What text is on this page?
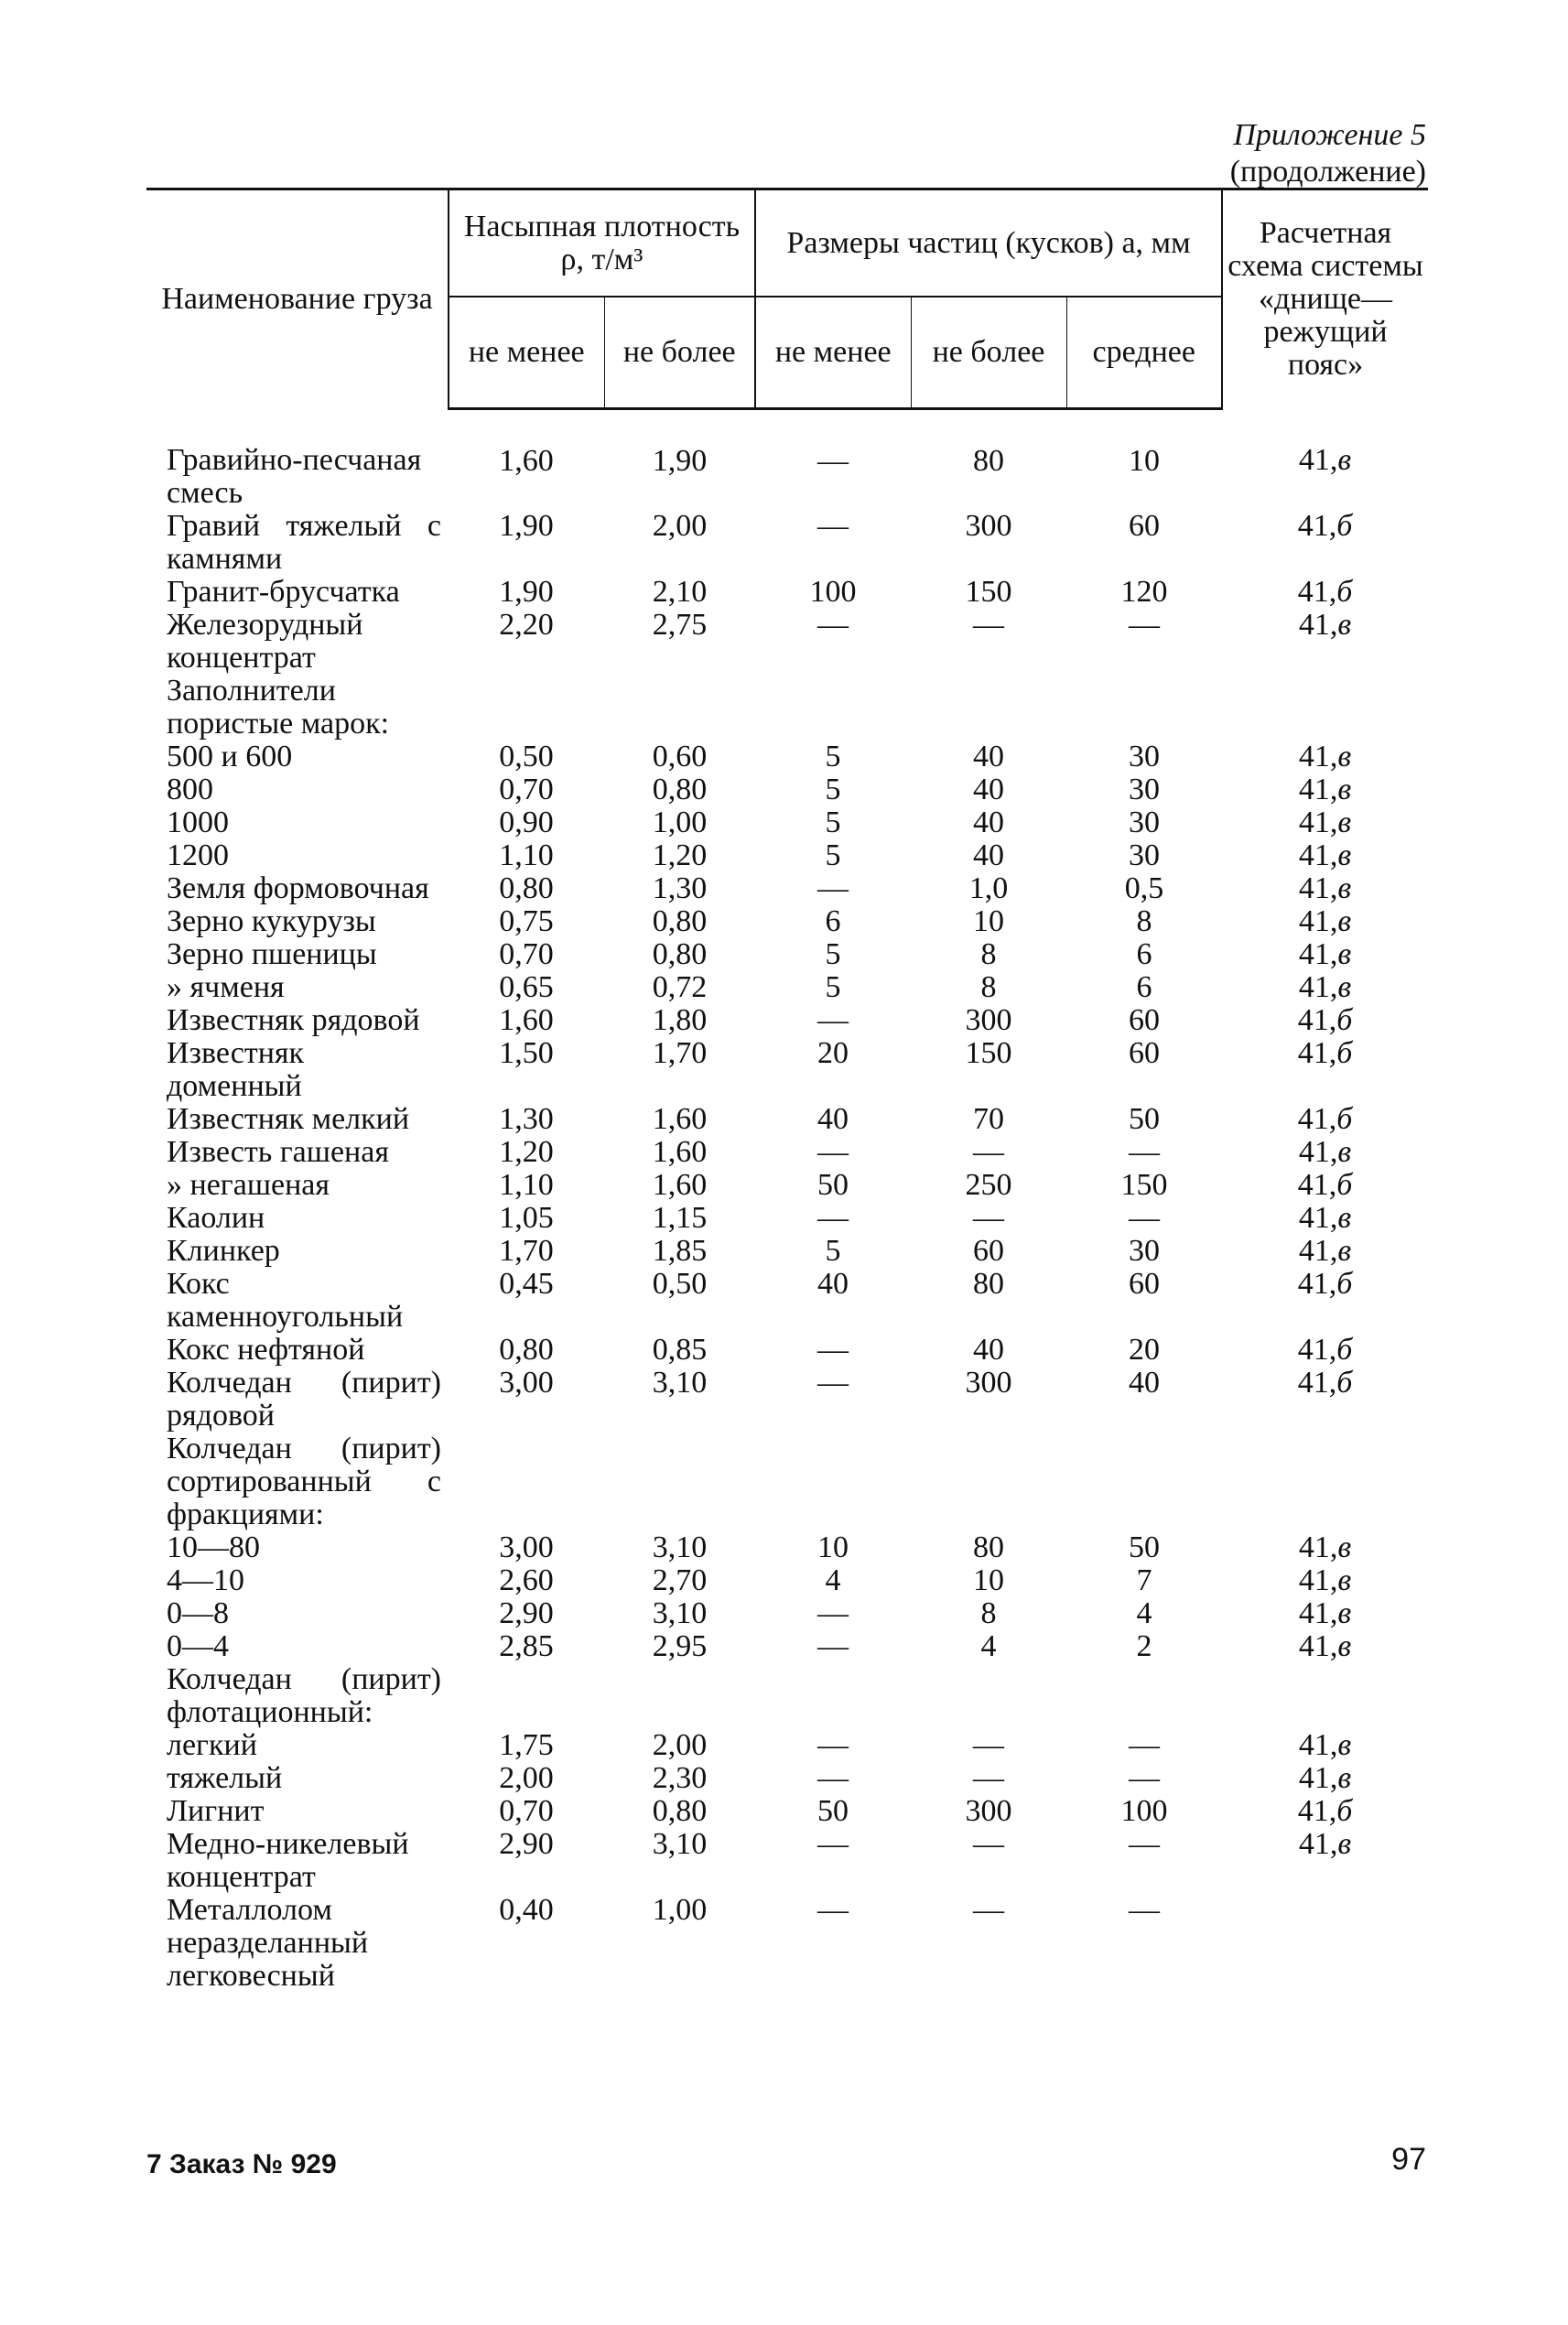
Приложение 5
(продолжение)
Наименование груза	Насыпная плотность ρ, т/м³		Размеры частиц (кусков) a, мм			Расчетная схема системы «днище—режущий пояс»
	не менее	не более	не менее	не более	среднее	
Гравийно-песчаная смесь	1,60	1,90	—	80	10	41,в
Гравий тяжелый с камнями	1,90	2,00	—	300	60	41,б
Гранит-брусчатка	1,90	2,10	100	150	120	41,б
Железорудный концентрат	2,20	2,75	—	—	—	41,в
Заполнители пористые марок:						
500 и 600	0,50	0,60	5	40	30	41,в
800	0,70	0,80	5	40	30	41,в
1000	0,90	1,00	5	40	30	41,в
1200	1,10	1,20	5	40	30	41,в
Земля формовочная	0,80	1,30	—	1,0	0,5	41,в
Зерно кукурузы	0,75	0,80	6	10	8	41,в
Зерно пшеницы	0,70	0,80	5	8	6	41,в
» ячменя	0,65	0,72	5	8	6	41,в
Известняк рядовой	1,60	1,80	—	300	60	41,б
Известняк доменный	1,50	1,70	20	150	60	41,б
Известняк мелкий	1,30	1,60	40	70	50	41,б
Известь гашеная	1,20	1,60	—	—	—	41,в
» негашеная	1,10	1,60	50	250	150	41,б
Каолин	1,05	1,15	—	—	—	41,в
Клинкер	1,70	1,85	5	60	30	41,в
Кокс каменноугольный	0,45	0,50	40	80	60	41,б
Кокс нефтяной	0,80	0,85	—	40	20	41,б
Колчедан (пирит) рядовой	3,00	3,10	—	300	40	41,б
Колчедан (пирит) сортированный с фракциями:						
10—80	3,00	3,10	10	80	50	41,в
4—10	2,60	2,70	4	10	7	41,в
0—8	2,90	3,10	—	8	4	41,в
0—4	2,85	2,95	—	4	2	41,в
Колчедан (пирит) флотационный:						
легкий	1,75	2,00	—	—	—	41,в
тяжелый	2,00	2,30	—	—	—	41,в
Лигнит	0,70	0,80	50	300	100	41,б
Медно-никелевый концентрат	2,90	3,10	—	—	—	41,в
Металлолом неразделанный легковесный	0,40	1,00	—	—	—	
7 Заказ № 929	97
